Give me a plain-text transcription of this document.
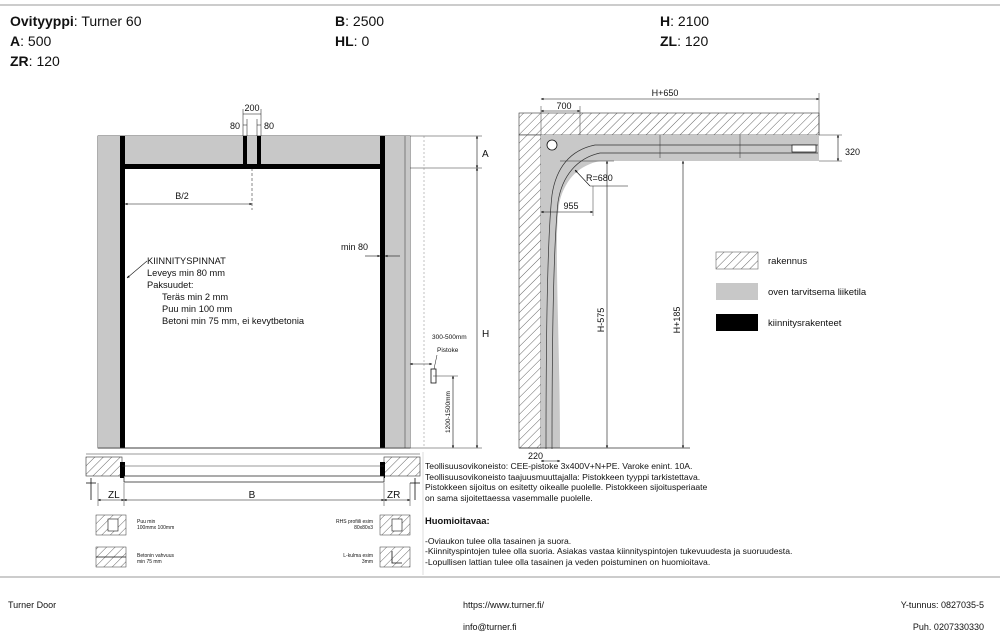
Ovityyppi: Turner 60
A: 500
ZR: 120
B: 2500
HL: 0
H: 2100
ZL: 120
200
80	80
B/2
min 80
KIINNITYSPINNAT
Leveys min 80 mm
Paksuudet:
Teräs min 2 mm
Puu min 100 mm
Betoni min 75 mm, ei kevytbetonia
A
H
300-500mm
Pistoke
1200-1500mm
700
H+650
320
R=680
955
H-575	H+185
220
rakennus
oven tarvitsema liiketila
kiinnitysrakenteet
ZL	B	ZR
Puu min
100mmx 100mm
Betonin vahvuus
min 75 mm
RHS profiili esim
80x80x3
L-kulma esim
3mm
Teollisuusovikoneisto: CEE-pistoke 3x400V+N+PE. Varoke enint. 10A.
Teollisuusovikoneisto taajuusmuuttajalla: Pistokkeen tyyppi tarkistettava.
Pistokkeen sijoitus on esitetty oikealle puolelle. Pistokkeen sijoitusperiaate
on sama sijoitettaessa vasemmalle puolelle.
Huomioitavaa:
-Oviaukon tulee olla tasainen ja suora.
-Kiinnityspintojen tulee olla suoria. Asiakas vastaa kiinnityspintojen tukevuudesta ja suoruudesta.
-Lopullisen lattian tulee olla tasainen ja veden poistuminen on huomioitava.
Turner Door	https://www.turner.fi/
info@turner.fi
Y-tunnus: 0827035-5
Puh. 0207330330
